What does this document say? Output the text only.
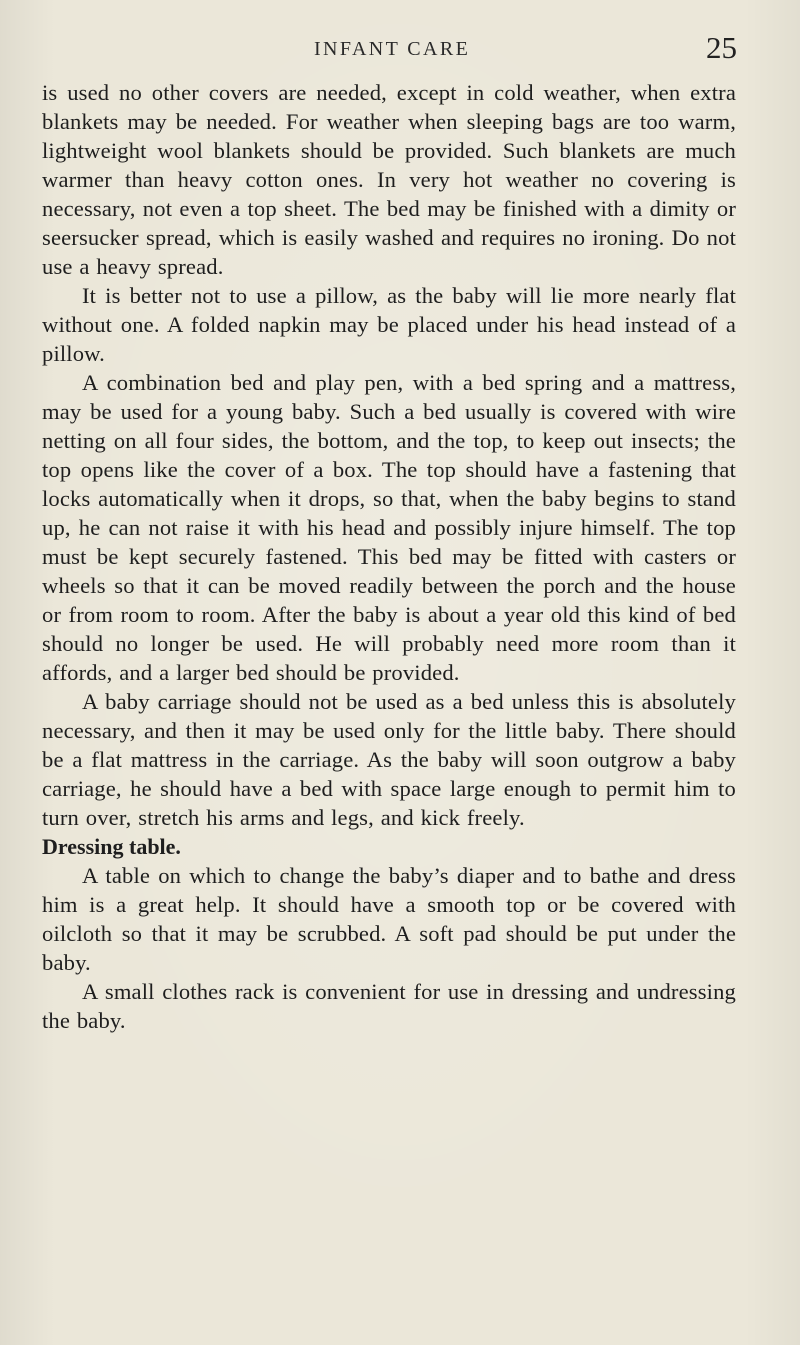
INFANT CARE	25

is used no other covers are needed, except in cold weather, when extra blankets may be needed. For weather when sleeping bags are too warm, lightweight wool blankets should be provided. Such blankets are much warmer than heavy cotton ones. In very hot weather no covering is necessary, not even a top sheet. The bed may be finished with a dimity or seersucker spread, which is easily washed and requires no ironing. Do not use a heavy spread.

It is better not to use a pillow, as the baby will lie more nearly flat without one. A folded napkin may be placed under his head instead of a pillow.

A combination bed and play pen, with a bed spring and a mattress, may be used for a young baby. Such a bed usually is covered with wire netting on all four sides, the bottom, and the top, to keep out insects; the top opens like the cover of a box. The top should have a fastening that locks automatically when it drops, so that, when the baby begins to stand up, he can not raise it with his head and possibly injure himself. The top must be kept securely fastened. This bed may be fitted with casters or wheels so that it can be moved readily between the porch and the house or from room to room. After the baby is about a year old this kind of bed should no longer be used. He will probably need more room than it affords, and a larger bed should be provided.

A baby carriage should not be used as a bed unless this is absolutely necessary, and then it may be used only for the little baby. There should be a flat mattress in the carriage. As the baby will soon outgrow a baby carriage, he should have a bed with space large enough to permit him to turn over, stretch his arms and legs, and kick freely.

Dressing table.

A table on which to change the baby’s diaper and to bathe and dress him is a great help. It should have a smooth top or be covered with oilcloth so that it may be scrubbed. A soft pad should be put under the baby.

A small clothes rack is convenient for use in dressing and undressing the baby.
